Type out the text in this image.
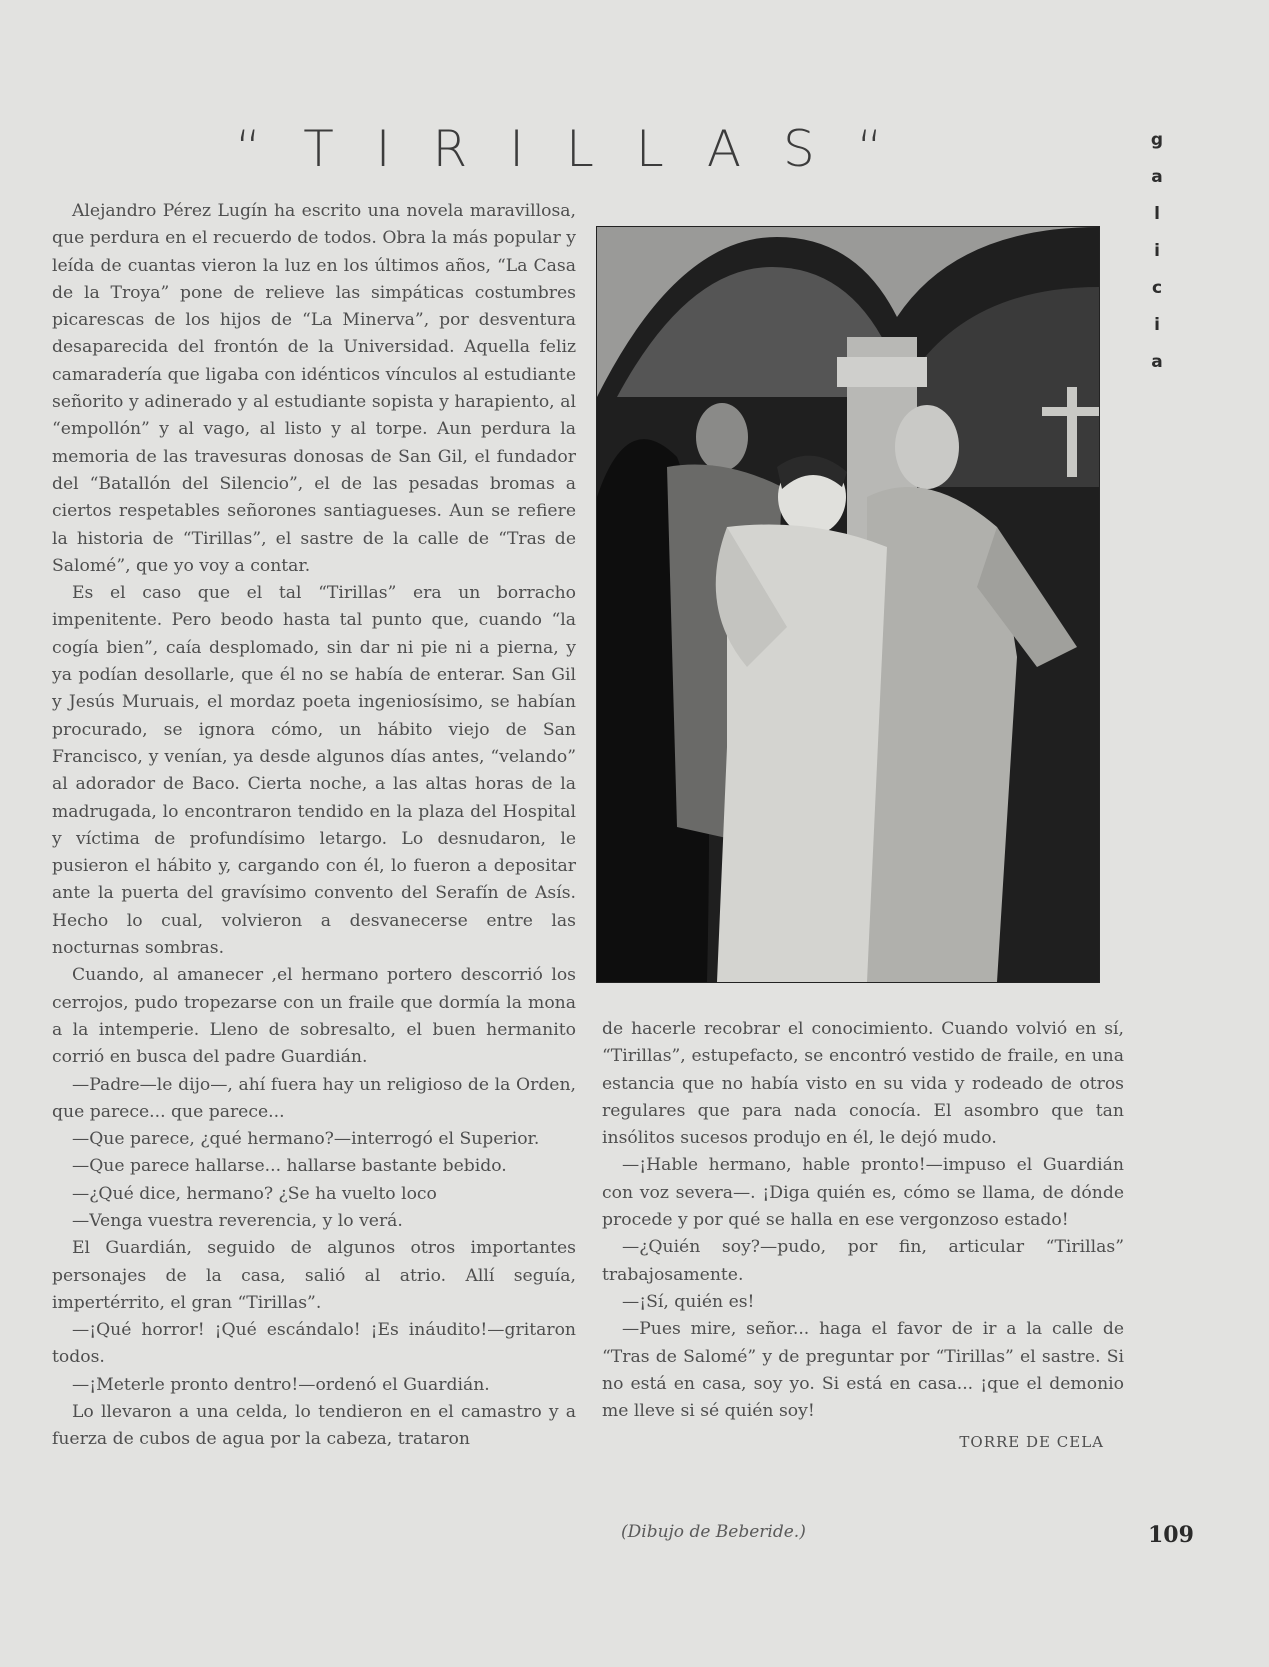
“TIRILLAS“	g
a
l
i
c
i
a

Alejandro Pérez Lugín ha escrito una novela maravillosa, que perdura en el recuerdo de todos. Obra la más popular y leída de cuantas vieron la luz en los últimos años, “La Casa de la Troya” pone de relieve las simpáticas costumbres picarescas de los hijos de “La Minerva”, por desventura desaparecida del frontón de la Universidad. Aquella feliz camaradería que ligaba con idénticos vínculos al estudiante señorito y adinerado y al estudiante sopista y harapiento, al “empollón” y al vago, al listo y al torpe. Aun perdura la memoria de las travesuras donosas de San Gil, el fundador del “Batallón del Silencio”, el de las pesadas bromas a ciertos respetables señorones santiagueses. Aun se refiere la historia de “Tirillas”, el sastre de la calle de “Tras de Salomé”, que yo voy a contar.

Es el caso que el tal “Tirillas” era un borracho impenitente. Pero beodo hasta tal punto que, cuando “la cogía bien”, caía desplomado, sin dar ni pie ni a pierna, y ya podían desollarle, que él no se había de enterar. San Gil y Jesús Muruais, el mordaz poeta ingeniosísimo, se habían procurado, se ignora cómo, un hábito viejo de San Francisco, y venían, ya desde algunos días antes, “velando” al adorador de Baco. Cierta noche, a las altas horas de la madrugada, lo encontraron tendido en la plaza del Hospital y víctima de profundísimo letargo. Lo desnudaron, le pusieron el hábito y, cargando con él, lo fueron a depositar ante la puerta del gravísimo convento del Serafín de Asís. Hecho lo cual, volvieron a desvanecerse entre las nocturnas sombras.

Cuando, al amanecer ,el hermano portero descorrió los cerrojos, pudo tropezarse con un fraile que dormía la mona a la intemperie. Lleno de sobresalto, el buen hermanito corrió en busca del padre Guardián.

—Padre—le dijo—, ahí fuera hay un religioso de la Orden, que parece... que parece...

—Que parece, ¿qué hermano?—interrogó el Superior.

—Que parece hallarse... hallarse bastante bebido.

—¿Qué dice, hermano? ¿Se ha vuelto loco

—Venga vuestra reverencia, y lo verá.

El Guardián, seguido de algunos otros importantes personajes de la casa, salió al atrio. Allí seguía, impertérrito, el gran “Tirillas”.

—¡Qué horror! ¡Qué escándalo! ¡Es ináudito!—gritaron todos.

—¡Meterle pronto dentro!—ordenó el Guardián.

Lo llevaron a una celda, lo tendieron en el camastro y a fuerza de cubos de agua por la cabeza, trataron

de hacerle recobrar el conocimiento. Cuando volvió en sí, “Tirillas”, estupefacto, se encontró vestido de fraile, en una estancia que no había visto en su vida y rodeado de otros regulares que para nada conocía. El asombro que tan insólitos sucesos produjo en él, le dejó mudo.

—¡Hable hermano, hable pronto!—impuso el Guardián con voz severa—. ¡Diga quién es, cómo se llama, de dónde procede y por qué se halla en ese vergonzoso estado!

—¿Quién soy?—pudo, por fin, articular “Tirillas” trabajosamente.

—¡Sí, quién es!

—Pues mire, señor... haga el favor de ir a la calle de “Tras de Salomé” y de preguntar por “Tirillas” el sastre. Si no está en casa, soy yo. Si está en casa... ¡que el demonio me lleve si sé quién soy!

TORRE DE CELA
(Dibujo de Beberide.)	109
